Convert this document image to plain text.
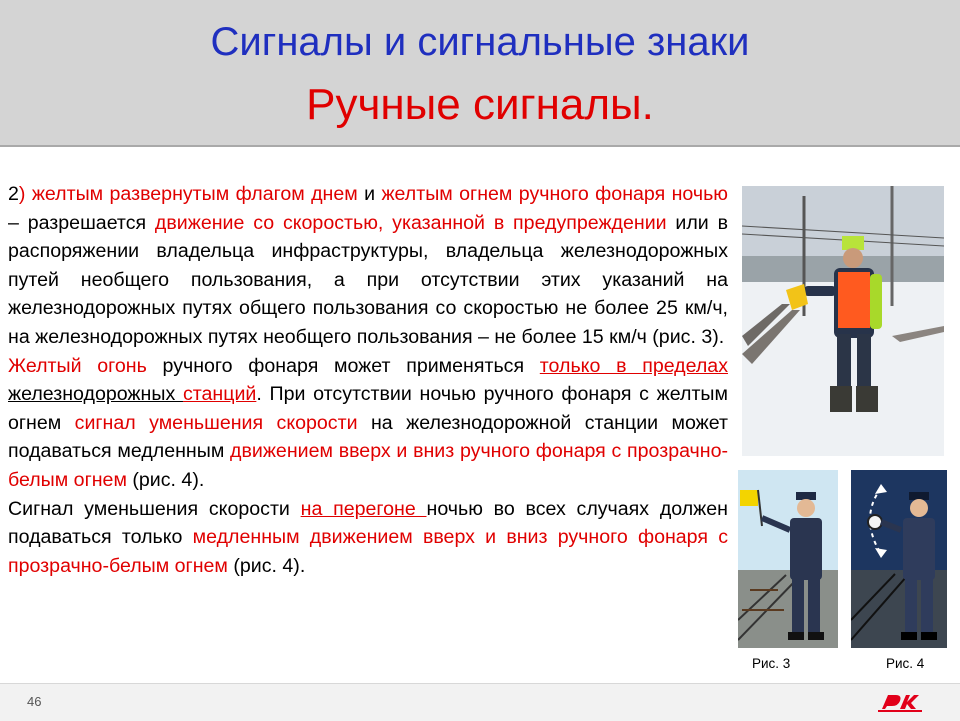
Сигналы и сигнальные знаки
Ручные сигналы.

2) желтым развернутым флагом днем и желтым огнем ручного фонаря ночью – разрешается движение со скоростью, указанной в предупреждении или в распоряжении владельца инфраструктуры, владельца железнодорожных путей необщего пользования, а при отсутствии этих указаний на железнодорожных путях общего пользования со скоростью не более 25 км/ч, на железнодорожных путях необщего пользования – не более 15 км/ч (рис. 3).

Желтый огонь ручного фонаря может применяться только в пределах железнодорожных станций. При отсутствии ночью ручного фонаря с желтым огнем сигнал уменьшения скорости на железнодорожной станции может подаваться медленным движением вверх и вниз ручного фонаря с прозрачно-белым огнем (рис. 4).

Сигнал уменьшения скорости на перегоне ночью во всех случаях должен подаваться только медленным движением вверх и вниз ручного фонаря с прозрачно-белым огнем (рис. 4).

Рис. 3	Рис. 4
46
